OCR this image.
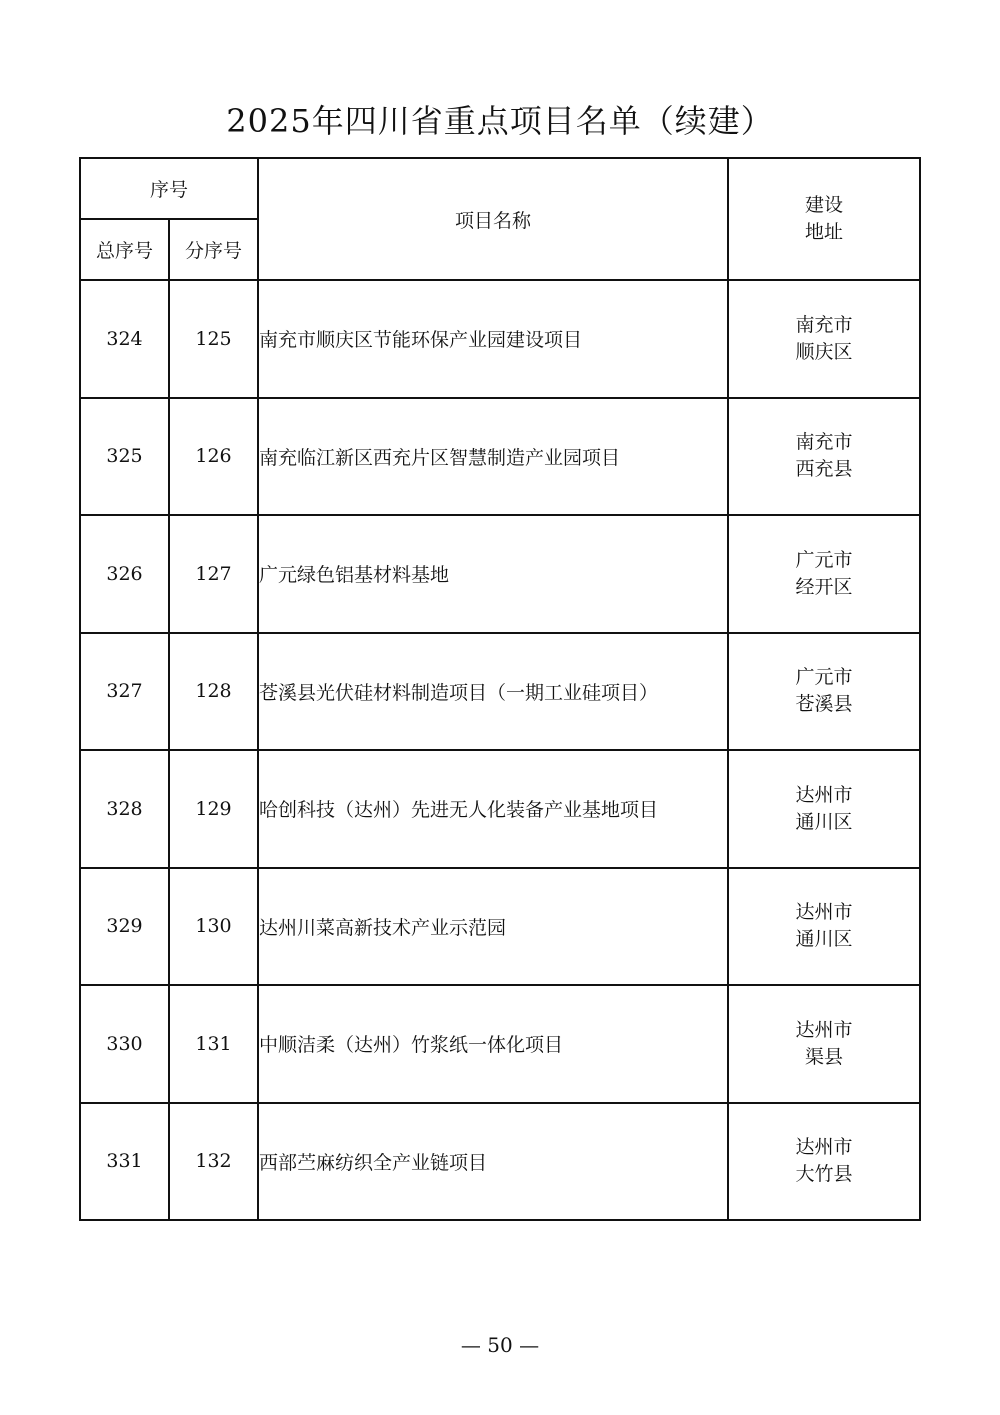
2025年四川省重点项目名单（续建）
序号		项目名称	建设
地址

总序号	分序号		
324	125	南充市顺庆区节能环保产业园建设项目	南充市
顺庆区

325	126	南充临江新区西充片区智慧制造产业园项目	南充市
西充县

326	127	广元绿色铝基材料基地	广元市
经开区

327	128	苍溪县光伏硅材料制造项目（一期工业硅项目）	广元市
苍溪县

328	129	哈创科技（达州）先进无人化装备产业基地项目	达州市
通川区

329	130	达州川菜高新技术产业示范园	达州市
通川区

330	131	中顺洁柔（达州）竹浆纸一体化项目	达州市
渠县

331	132	西部苎麻纺织全产业链项目	达州市
大竹县
— 50 —
